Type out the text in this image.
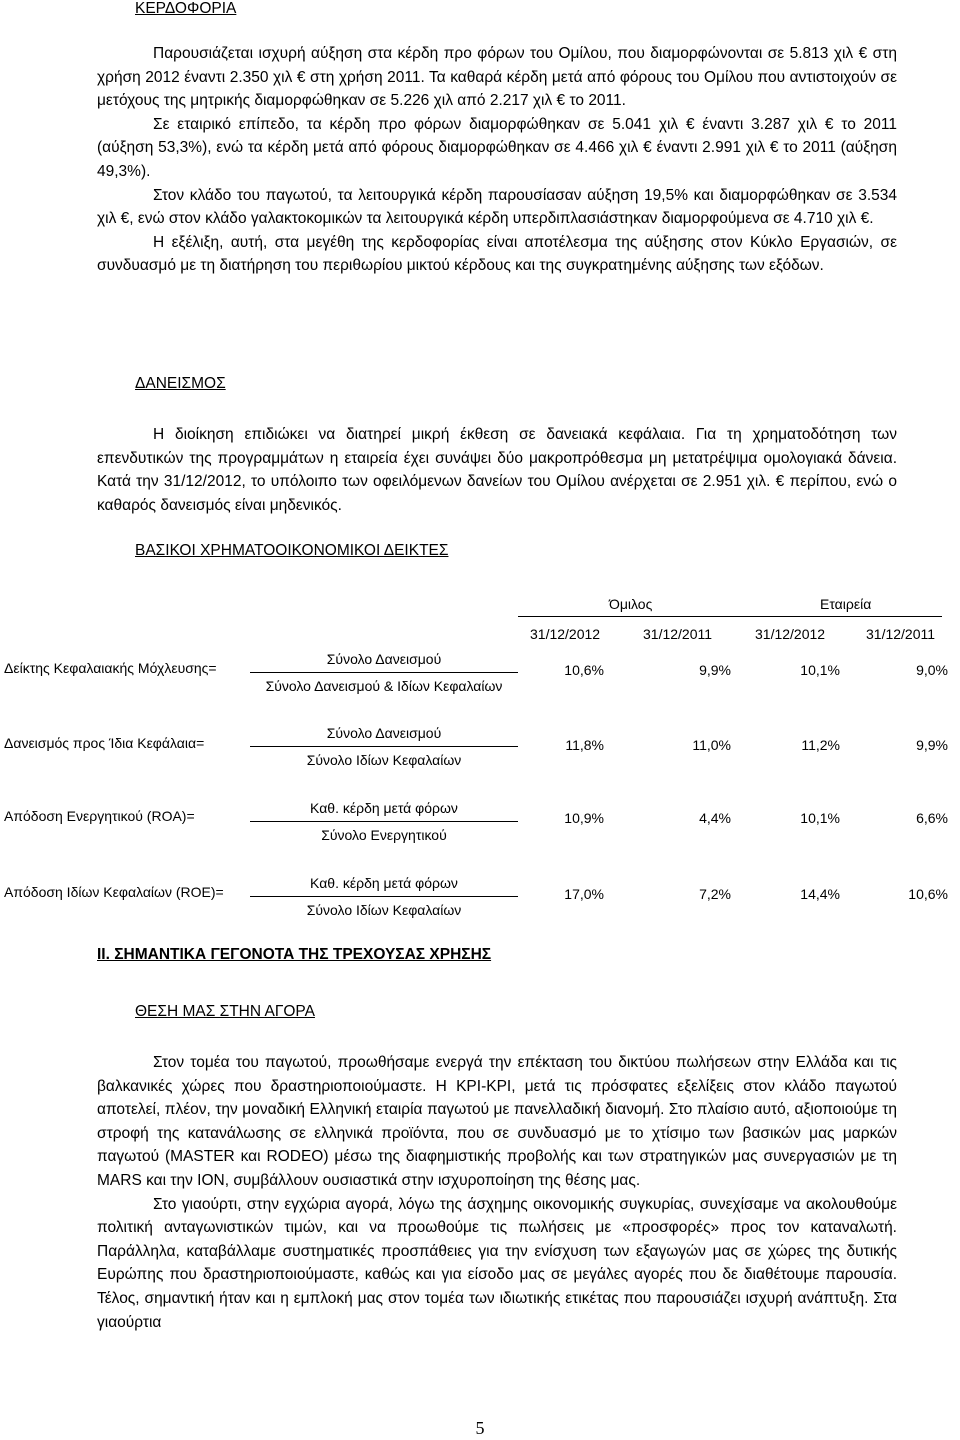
ΚΕΡΔΟΦΟΡΙΑ

Παρουσιάζεται ισχυρή αύξηση στα κέρδη προ φόρων του Ομίλου, που διαμορφώνονται σε 5.813 χιλ € στη χρήση 2012 έναντι 2.350 χιλ € στη χρήση 2011. Τα καθαρά κέρδη μετά από φόρους του Ομίλου που αντιστοιχούν σε μετόχους της μητρικής διαμορφώθηκαν σε 5.226 χιλ από 2.217 χιλ € το 2011.

Σε εταιρικό επίπεδο, τα κέρδη προ φόρων διαμορφώθηκαν σε 5.041 χιλ € έναντι 3.287 χιλ € το 2011 (αύξηση 53,3%), ενώ τα κέρδη μετά από φόρους διαμορφώθηκαν σε 4.466 χιλ € έναντι 2.991 χιλ € το 2011 (αύξηση 49,3%).

Στον κλάδο του παγωτού, τα λειτουργικά κέρδη παρουσίασαν αύξηση 19,5% και διαμορφώθηκαν σε 3.534 χιλ €, ενώ στον κλάδο γαλακτοκομικών τα λειτουργικά κέρδη υπερδιπλασιάστηκαν διαμορφούμενα σε 4.710 χιλ €.

Η εξέλιξη, αυτή, στα μεγέθη της κερδοφορίας είναι αποτέλεσμα της αύξησης στον Κύκλο Εργασιών, σε συνδυασμό με τη διατήρηση του περιθωρίου μικτού κέρδους και της συγκρατημένης αύξησης των εξόδων.

ΔΑΝΕΙΣΜΟΣ

Η διοίκηση επιδιώκει να διατηρεί μικρή έκθεση σε δανειακά κεφάλαια. Για τη χρηματοδότηση των επενδυτικών της προγραμμάτων η εταιρεία έχει συνάψει δύο μακροπρόθεσμα μη μετατρέψιμα ομολογιακά δάνεια. Κατά την 31/12/2012, το υπόλοιπο των οφειλόμενων δανείων του Ομίλου ανέρχεται σε 2.951 χιλ. € περίπου, ενώ ο καθαρός δανεισμός είναι μηδενικός.

ΒΑΣΙΚΟΙ ΧΡΗΜΑΤΟΟΙΚΟΝΟΜΙΚΟΙ ΔΕΙΚΤΕΣ
Όμιλος	Εταιρεία
31/12/2012	31/12/2011	31/12/2012	31/12/2011
Δείκτης Κεφαλαιακής Μόχλευσης=
Σύνολο Δανεισμού
Σύνολο Δανεισμού & Ιδίων Κεφαλαίων
10,6%	9,9%	10,1%	9,0%
Δανεισμός προς Ίδια Κεφάλαια=
Σύνολο Δανεισμού
Σύνολο Ιδίων Κεφαλαίων
11,8%	11,0%	11,2%	9,9%
Απόδοση Ενεργητικού (ROA)=	Καθ. κέρδη μετά φόρων
Σύνολο Ενεργητικού
10,9%	4,4%	10,1%	6,6%
Απόδοση Ιδίων Κεφαλαίων (ROE)=
Καθ. κέρδη μετά φόρων
Σύνολο Ιδίων Κεφαλαίων
17,0%	7,2%	14,4%	10,6%
ΙΙ. ΣΗΜΑΝΤΙΚΑ ΓΕΓΟΝΟΤΑ ΤΗΣ ΤΡΕΧΟΥΣΑΣ ΧΡΗΣΗΣ
ΘΕΣΗ ΜΑΣ ΣΤΗΝ ΑΓΟΡΑ

Στον τομέα του παγωτού, προωθήσαμε ενεργά την επέκταση του δικτύου πωλήσεων στην Ελλάδα και τις βαλκανικές χώρες που δραστηριοποιούμαστε. Η KPI-KPI, μετά τις πρόσφατες εξελίξεις στον κλάδο παγωτού αποτελεί, πλέον, την μοναδική Ελληνική εταιρία παγωτού με πανελλαδική διανομή. Στο πλαίσιο αυτό, αξιοποιούμε τη στροφή της κατανάλωσης σε ελληνικά προϊόντα, που σε συνδυασμό με το χτίσιμο των βασικών μας μαρκών παγωτού (MASTER και RODEO) μέσω της διαφημιστικής προβολής και των στρατηγικών μας συνεργασιών με τη MARS και την ION, συμβάλλουν ουσιαστικά στην ισχυροποίηση της θέσης μας.

Στο γιαούρτι, στην εγχώρια αγορά, λόγω της άσχημης οικονομικής συγκυρίας, συνεχίσαμε να ακολουθούμε πολιτική ανταγωνιστικών τιμών, και να προωθούμε τις πωλήσεις με «προσφορές» προς τον καταναλωτή. Παράλληλα, καταβάλλαμε συστηματικές προσπάθειες για την ενίσχυση των εξαγωγών μας σε χώρες της δυτικής Ευρώπης που δραστηριοποιούμαστε, καθώς και για είσοδο μας σε μεγάλες αγορές που δε διαθέτουμε παρουσία. Τέλος, σημαντική ήταν και η εμπλοκή μας στον τομέα των ιδιωτικής ετικέτας που παρουσιάζει ισχυρή ανάπτυξη. Στα γιαούρτια

5
